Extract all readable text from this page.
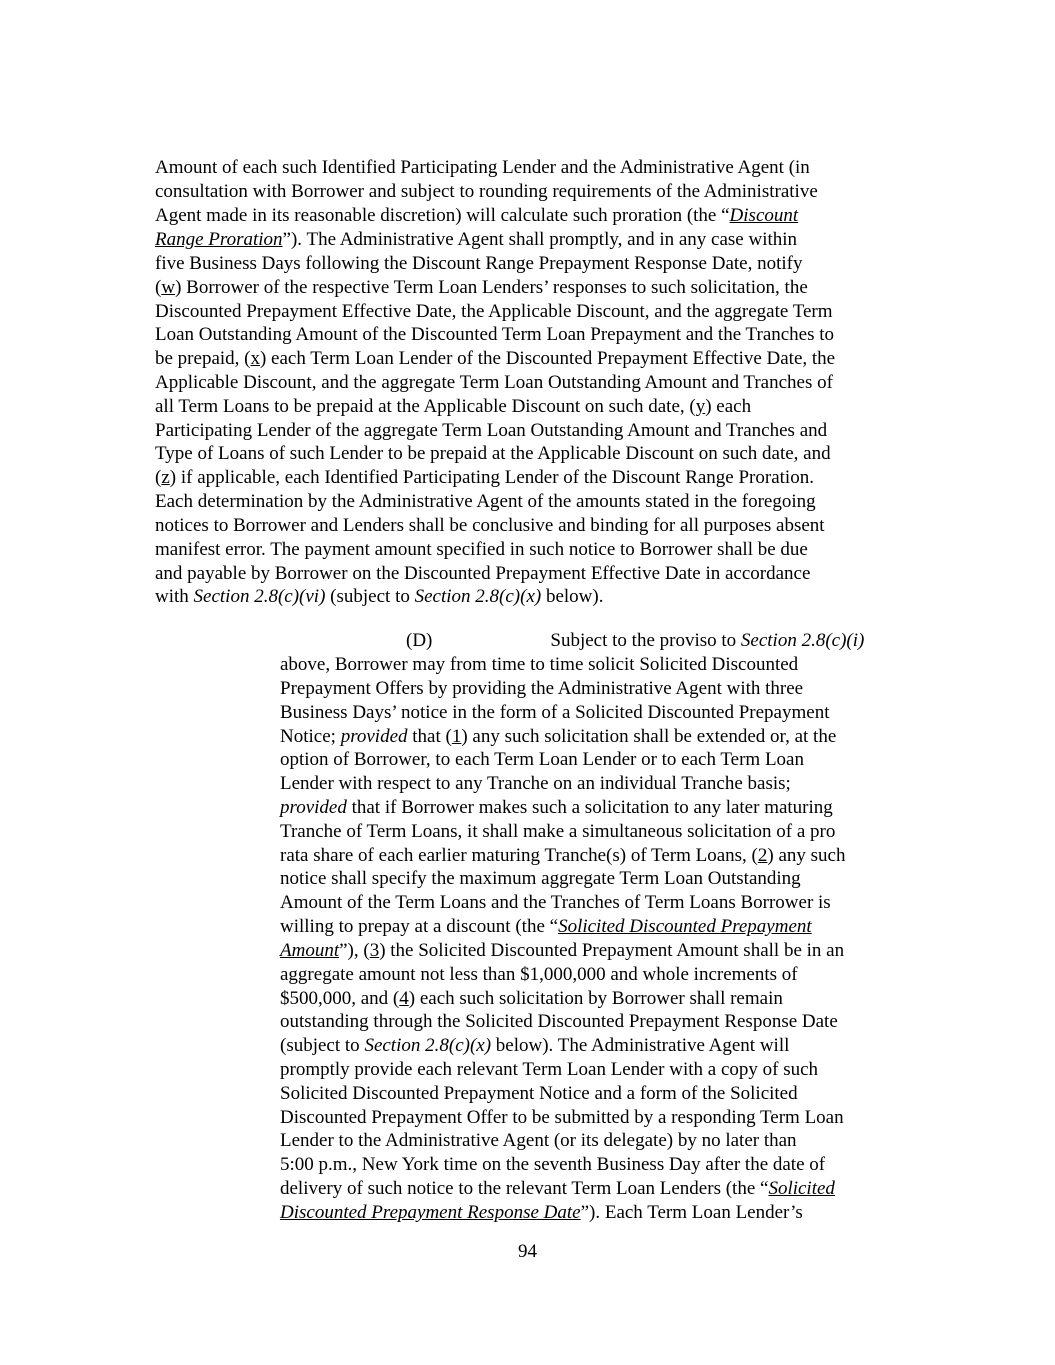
Amount of each such Identified Participating Lender and the Administrative Agent (in
consultation with Borrower and subject to rounding requirements of the Administrative
Agent made in its reasonable discretion) will calculate such proration (the “Discount
Range Proration”). The Administrative Agent shall promptly, and in any case within
five Business Days following the Discount Range Prepayment Response Date, notify
(w) Borrower of the respective Term Loan Lenders’ responses to such solicitation, the
Discounted Prepayment Effective Date, the Applicable Discount, and the aggregate Term
Loan Outstanding Amount of the Discounted Term Loan Prepayment and the Tranches to
be prepaid, (x) each Term Loan Lender of the Discounted Prepayment Effective Date, the
Applicable Discount, and the aggregate Term Loan Outstanding Amount and Tranches of
all Term Loans to be prepaid at the Applicable Discount on such date, (y) each
Participating Lender of the aggregate Term Loan Outstanding Amount and Tranches and
Type of Loans of such Lender to be prepaid at the Applicable Discount on such date, and
(z) if applicable, each Identified Participating Lender of the Discount Range Proration.
Each determination by the Administrative Agent of the amounts stated in the foregoing
notices to Borrower and Lenders shall be conclusive and binding for all purposes absent
manifest error. The payment amount specified in such notice to Borrower shall be due
and payable by Borrower on the Discounted Prepayment Effective Date in accordance
with Section 2.8(c)(vi) (subject to Section 2.8(c)(x) below).
(D)	Subject to the proviso to Section 2.8(c)(i)
above, Borrower may from time to time solicit Solicited Discounted
Prepayment Offers by providing the Administrative Agent with three
Business Days’ notice in the form of a Solicited Discounted Prepayment
Notice; provided that (1) any such solicitation shall be extended or, at the
option of Borrower, to each Term Loan Lender or to each Term Loan
Lender with respect to any Tranche on an individual Tranche basis;
provided that if Borrower makes such a solicitation to any later maturing
Tranche of Term Loans, it shall make a simultaneous solicitation of a pro
rata share of each earlier maturing Tranche(s) of Term Loans, (2) any such
notice shall specify the maximum aggregate Term Loan Outstanding
Amount of the Term Loans and the Tranches of Term Loans Borrower is
willing to prepay at a discount (the “Solicited Discounted Prepayment
Amount”), (3) the Solicited Discounted Prepayment Amount shall be in an
aggregate amount not less than $1,000,000 and whole increments of
$500,000, and (4) each such solicitation by Borrower shall remain
outstanding through the Solicited Discounted Prepayment Response Date
(subject to Section 2.8(c)(x) below). The Administrative Agent will
promptly provide each relevant Term Loan Lender with a copy of such
Solicited Discounted Prepayment Notice and a form of the Solicited
Discounted Prepayment Offer to be submitted by a responding Term Loan
Lender to the Administrative Agent (or its delegate) by no later than
5:00 p.m., New York time on the seventh Business Day after the date of
delivery of such notice to the relevant Term Loan Lenders (the “Solicited
Discounted Prepayment Response Date”). Each Term Loan Lender’s
94
